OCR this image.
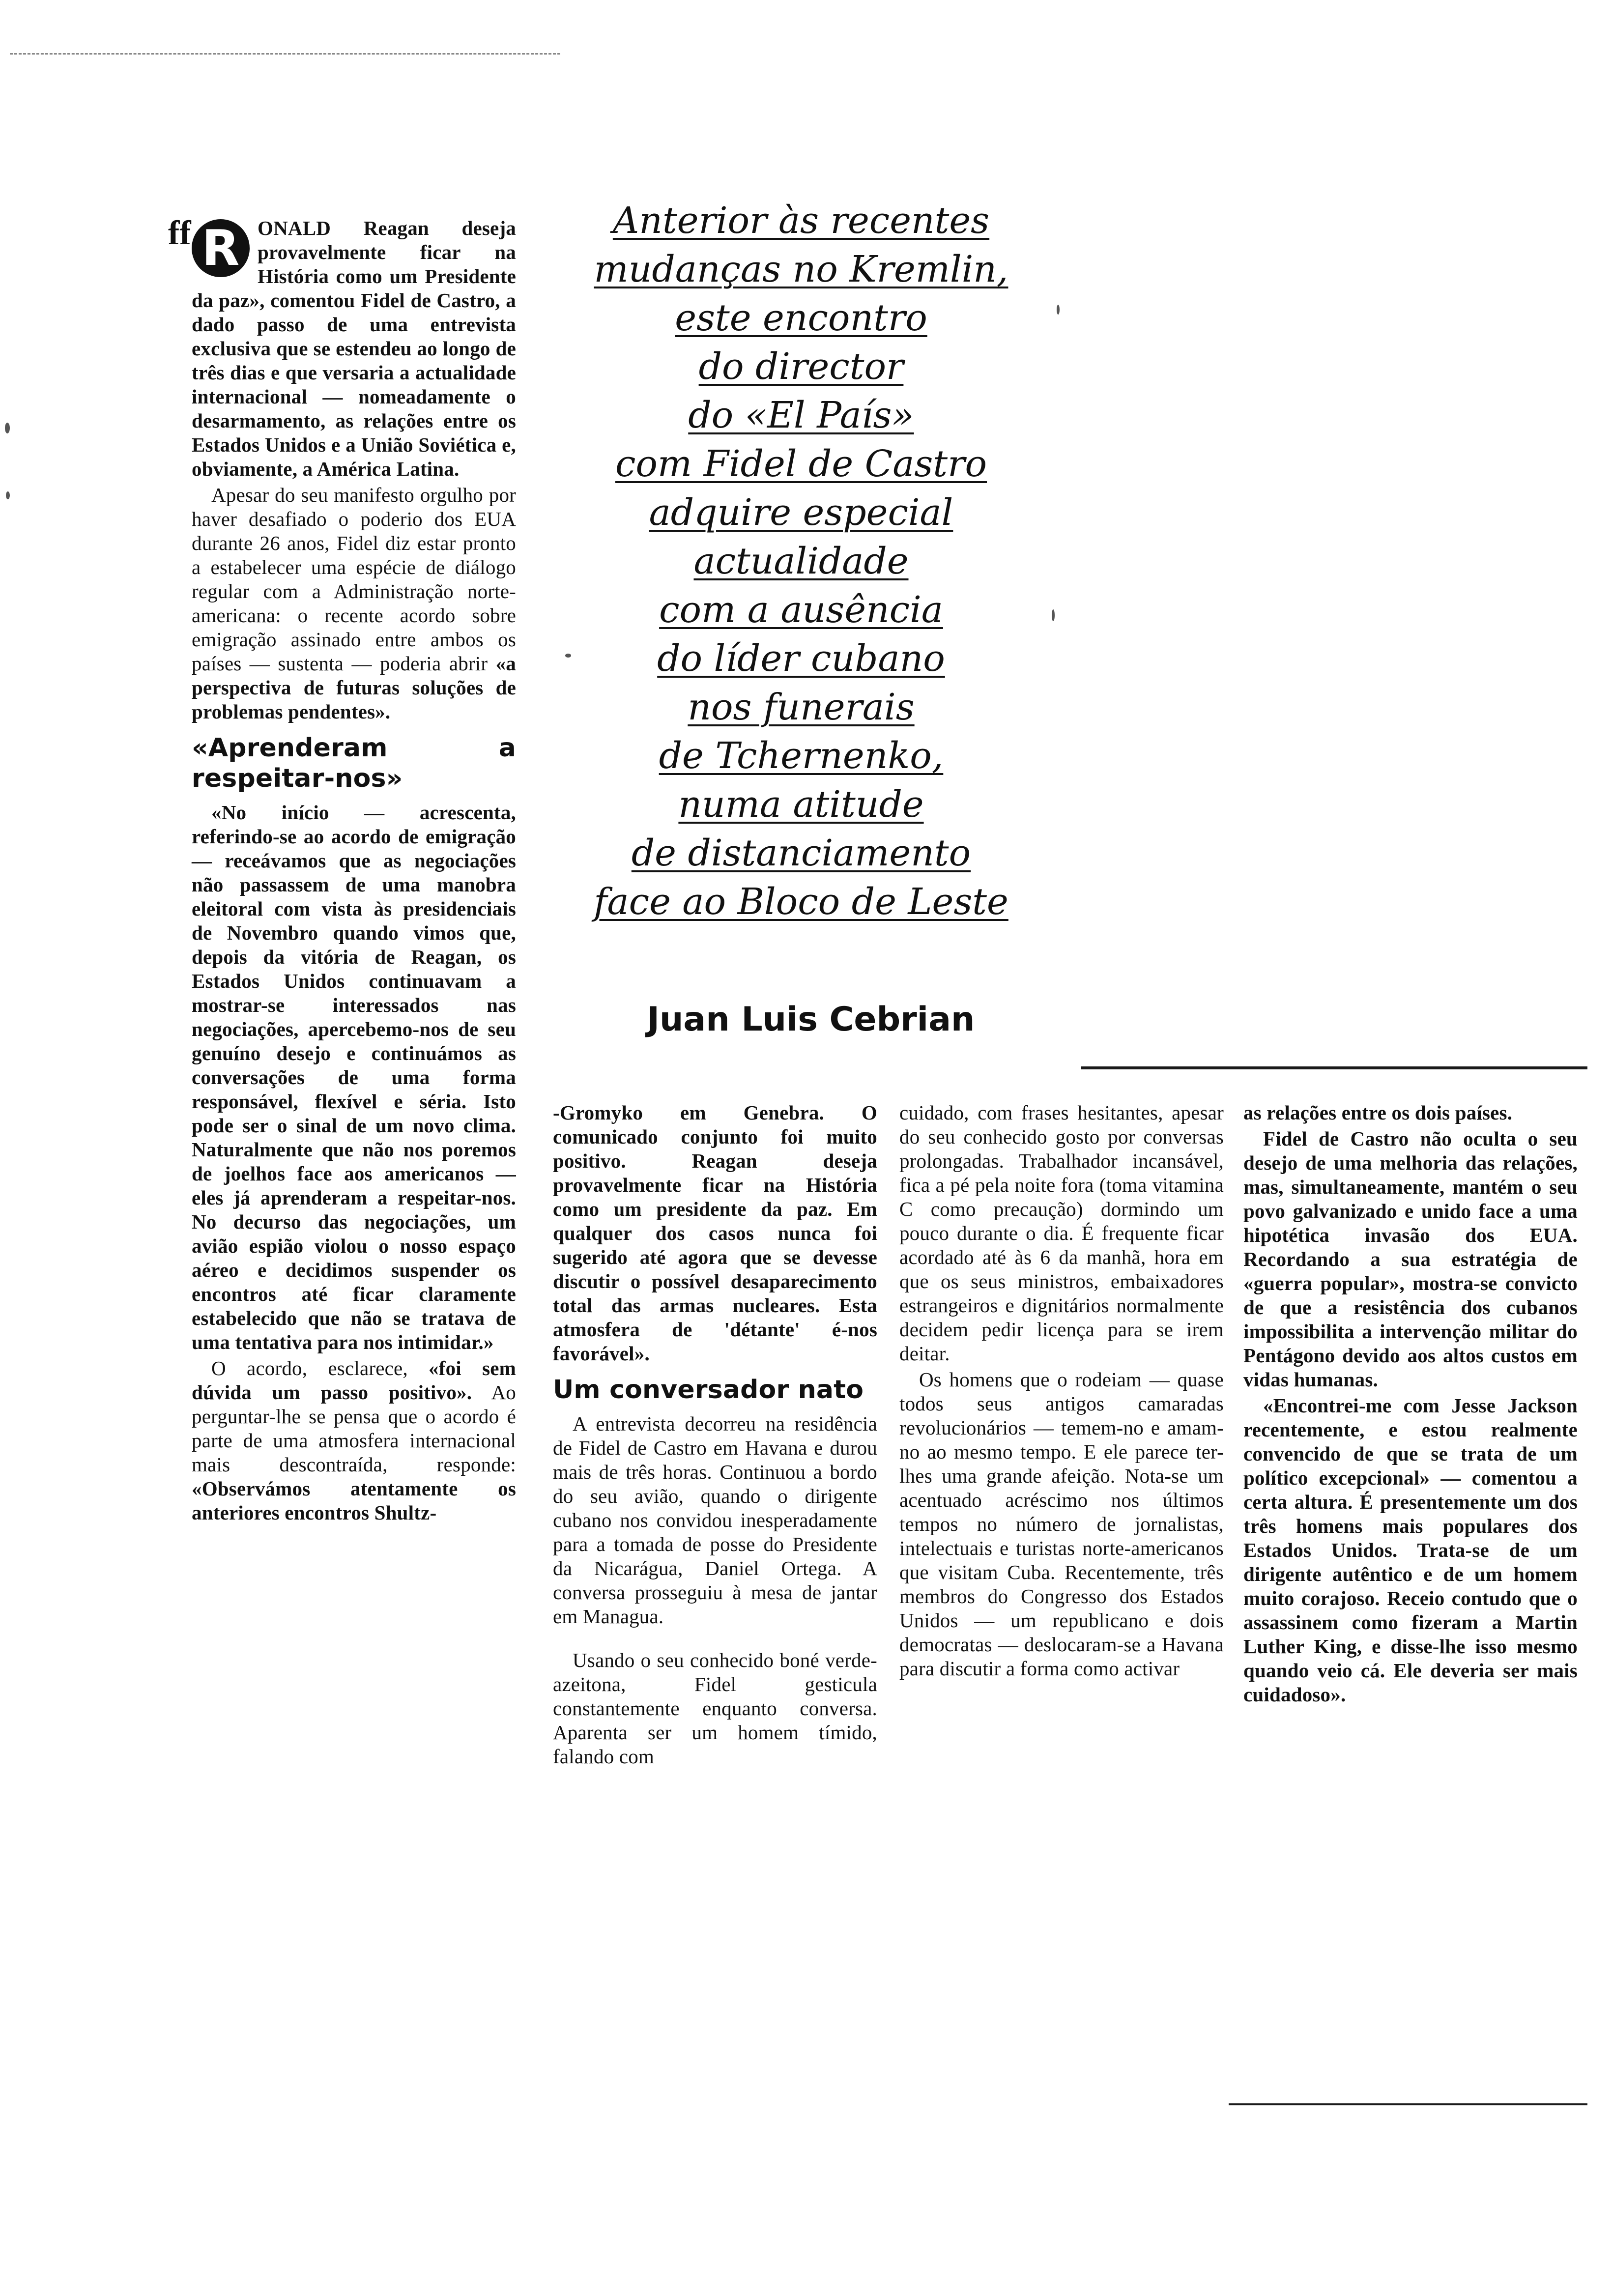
ff R ONALD Reagan deseja provavelmente ficar na História como um Presidente da paz», comentou Fidel de Castro, a dado passo de uma entrevista exclusiva que se estendeu ao longo de três dias e que versaria a actualidade internacional — nomeadamente o desarmamento, as relações entre os Estados Unidos e a União Soviética e, obviamente, a América Latina.

Apesar do seu manifesto orgulho por haver desafiado o poderio dos EUA durante 26 anos, Fidel diz estar pronto a estabelecer uma espécie de diálogo regular com a Administração norte-americana: o recente acordo sobre emigração assinado entre ambos os países — sustenta — poderia abrir «a perspectiva de futuras soluções de problemas pendentes».

«Aprenderam a respeitar-nos»

«No início — acrescenta, referindo-se ao acordo de emigração — receávamos que as negociações não passassem de uma manobra eleitoral com vista às presidenciais de Novembro quando vimos que, depois da vitória de Reagan, os Estados Unidos continuavam a mostrar-se interessados nas negociações, apercebemo-nos de seu genuíno desejo e continuámos as conversações de uma forma responsável, flexível e séria. Isto pode ser o sinal de um novo clima. Naturalmente que não nos poremos de joelhos face aos americanos — eles já aprenderam a respeitar-nos. No decurso das negociações, um avião espião violou o nosso espaço aéreo e decidimos suspender os encontros até ficar claramente estabelecido que não se tratava de uma tentativa para nos intimidar.»

O acordo, esclarece, «foi sem dúvida um passo positivo». Ao perguntar-lhe se pensa que o acordo é parte de uma atmosfera internacional mais descontraída, responde: «Observámos atentamente os anteriores encontros Shultz-

Anterior às recentes
mudanças no Kremlin,
este encontro
do director
do «El País»
com Fidel de Castro
adquire especial
actualidade
com a ausência
do líder cubano
nos funerais
de Tchernenko,
numa atitude
de distanciamento
face ao Bloco de Leste
Juan Luis Cebrian

-Gromyko em Genebra. O comunicado conjunto foi muito positivo. Reagan deseja provavelmente ficar na História como um presidente da paz. Em qualquer dos casos nunca foi sugerido até agora que se devesse discutir o possível desaparecimento total das armas nucleares. Esta atmosfera de 'détante' é-nos favorável».

Um conversador nato

A entrevista decorreu na residência de Fidel de Castro em Havana e durou mais de três horas. Continuou a bordo do seu avião, quando o dirigente cubano nos convidou inesperadamente para a tomada de posse do Presidente da Nicarágua, Daniel Ortega. A conversa prosseguiu à mesa de jantar em Managua.

Usando o seu conhecido boné verde-azeitona, Fidel gesticula constantemente enquanto conversa. Aparenta ser um homem tímido, falando com

cuidado, com frases hesitantes, apesar do seu conhecido gosto por conversas prolongadas. Trabalhador incansável, fica a pé pela noite fora (toma vitamina C como precaução) dormindo um pouco durante o dia. É frequente ficar acordado até às 6 da manhã, hora em que os seus ministros, embaixadores estrangeiros e dignitários normalmente decidem pedir licença para se irem deitar.

Os homens que o rodeiam — quase todos seus antigos camaradas revolucionários — temem-no e amam-no ao mesmo tempo. E ele parece ter-lhes uma grande afeição. Nota-se um acentuado acréscimo nos últimos tempos no número de jornalistas, intelectuais e turistas norte-americanos que visitam Cuba. Recentemente, três membros do Congresso dos Estados Unidos — um republicano e dois democratas — deslocaram-se a Havana para discutir a forma como activar

as relações entre os dois países.

Fidel de Castro não oculta o seu desejo de uma melhoria das relações, mas, simultaneamente, mantém o seu povo galvanizado e unido face a uma hipotética invasão dos EUA. Recordando a sua estratégia de «guerra popular», mostra-se convicto de que a resistência dos cubanos impossibilita a intervenção militar do Pentágono devido aos altos custos em vidas humanas.

«Encontrei-me com Jesse Jackson recentemente, e estou realmente convencido de que se trata de um político excepcional» — comentou a certa altura. É presentemente um dos três homens mais populares dos Estados Unidos. Trata-se de um dirigente autêntico e de um homem muito corajoso. Receio contudo que o assassinem como fizeram a Martin Luther King, e disse-lhe isso mesmo quando veio cá. Ele deveria ser mais cuidadoso».
